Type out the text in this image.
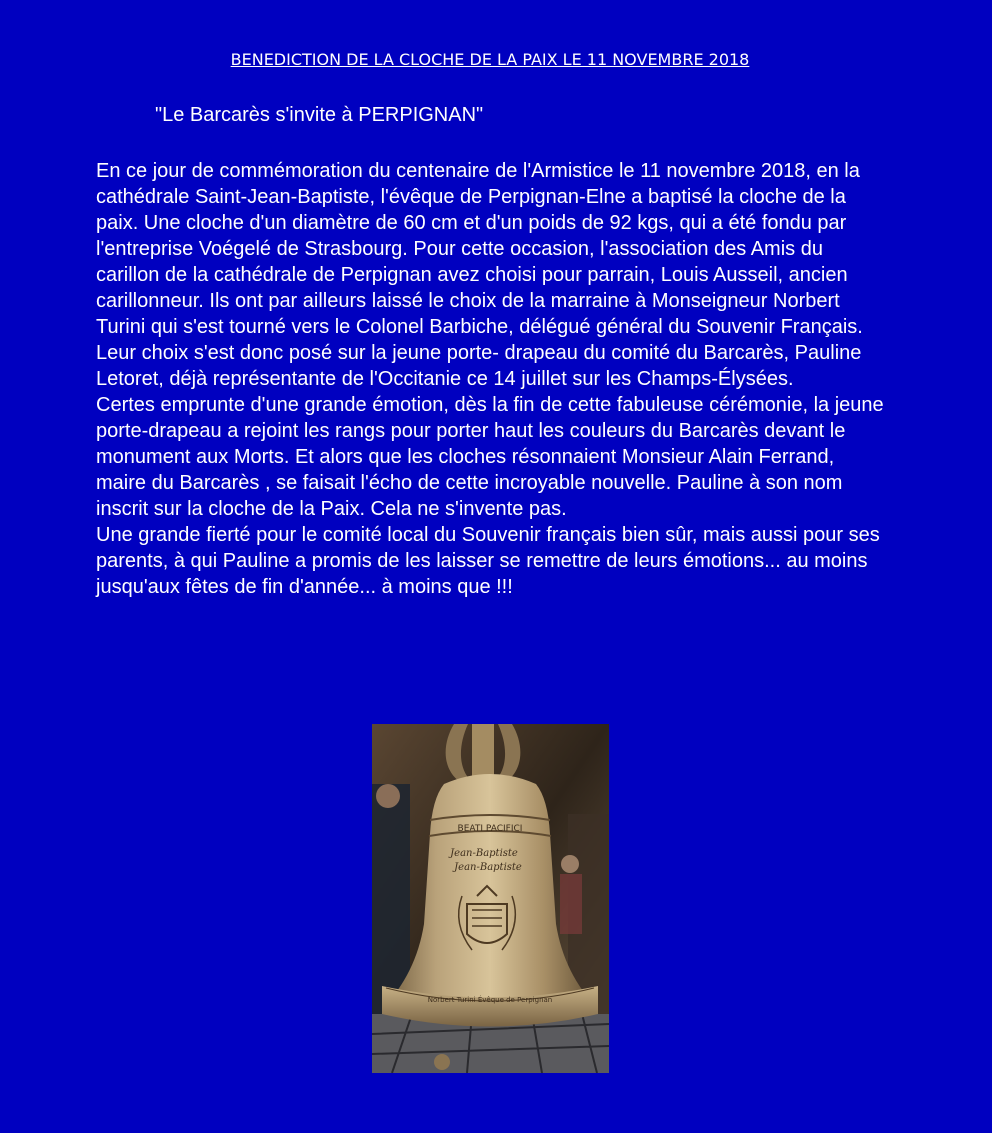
BENEDICTION DE LA CLOCHE DE LA PAIX LE 11 NOVEMBRE 2018
"Le Barcarès s'invite à PERPIGNAN"

En ce jour de commémoration du centenaire de l'Armistice le 11 novembre 2018, en la cathédrale Saint-Jean-Baptiste, l'évêque de Perpignan-Elne a baptisé la cloche de la paix. Une cloche d'un diamètre de 60 cm et d'un poids de 92 kgs, qui a été fondu par l'entreprise Voégelé de Strasbourg. Pour cette occasion, l'association des Amis du carillon de la cathédrale de Perpignan avez choisi pour parrain, Louis Ausseil, ancien carillonneur. Ils ont par ailleurs laissé le choix de la marraine à Monseigneur Norbert Turini qui s'est tourné vers le Colonel Barbiche, délégué général du Souvenir Français. Leur choix s'est donc posé sur la jeune porte- drapeau du comité du Barcarès, Pauline Letoret, déjà représentante de l'Occitanie ce 14 juillet sur les Champs-Élysées.

Certes emprunte d'une grande émotion, dès la fin de cette fabuleuse cérémonie, la jeune porte-drapeau a rejoint les rangs pour porter haut les couleurs du Barcarès devant le monument aux Morts. Et alors que les cloches résonnaient Monsieur Alain Ferrand, maire du Barcarès , se faisait l'écho de cette incroyable nouvelle. Pauline à son nom inscrit sur la cloche de la Paix. Cela ne s'invente pas.

Une grande fierté pour le comité local du Souvenir français bien sûr, mais aussi pour ses parents, à qui Pauline a promis de les laisser se remettre de leurs émotions... au moins jusqu'aux fêtes de fin d'année... à moins que !!!

BEATI PACIFICI
Jean-Baptiste
Jean-Baptiste
Norbert Turini Évêque de Perpignan
